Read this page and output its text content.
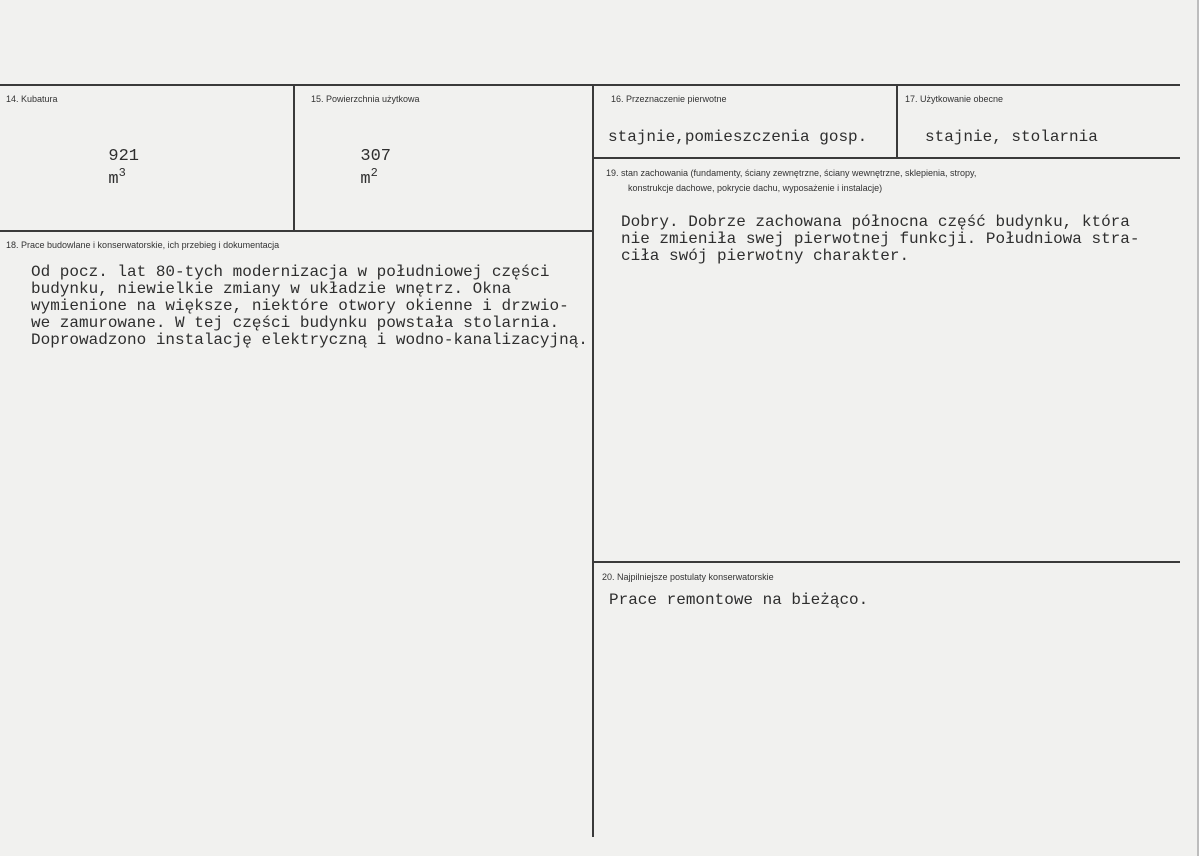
14. Kubatura

921
$m^3$

15. Powierzchnia użytkowa

307
$m^2$

16. Przeznaczenie pierwotne
stajnie,pomieszczenia gosp.
17. Użytkowanie obecne
stajnie, stolarnia
19. stan zachowania (fundamenty, ściany zewnętrzne, ściany wewnętrzne, sklepienia, stropy,
konstrukcje dachowe, pokrycie dachu, wyposażenie i instalacje)
Dobry. Dobrze zachowana północna część budynku, która
nie zmieniła swej pierwotnej funkcji. Południowa stra-
ciła swój pierwotny charakter.
18. Prace budowlane i konserwatorskie, ich przebieg i dokumentacja
Od pocz. lat 80-tych modernizacja w południowej części
budynku, niewielkie zmiany w układzie wnętrz. Okna
wymienione na większe, niektóre otwory okienne i drzwio-
we zamurowane. W tej części budynku powstała stolarnia.
Doprowadzono instalację elektryczną i wodno-kanalizacyjną.
20. Najpilniejsze postulaty konserwatorskie
Prace remontowe na bieżąco.
